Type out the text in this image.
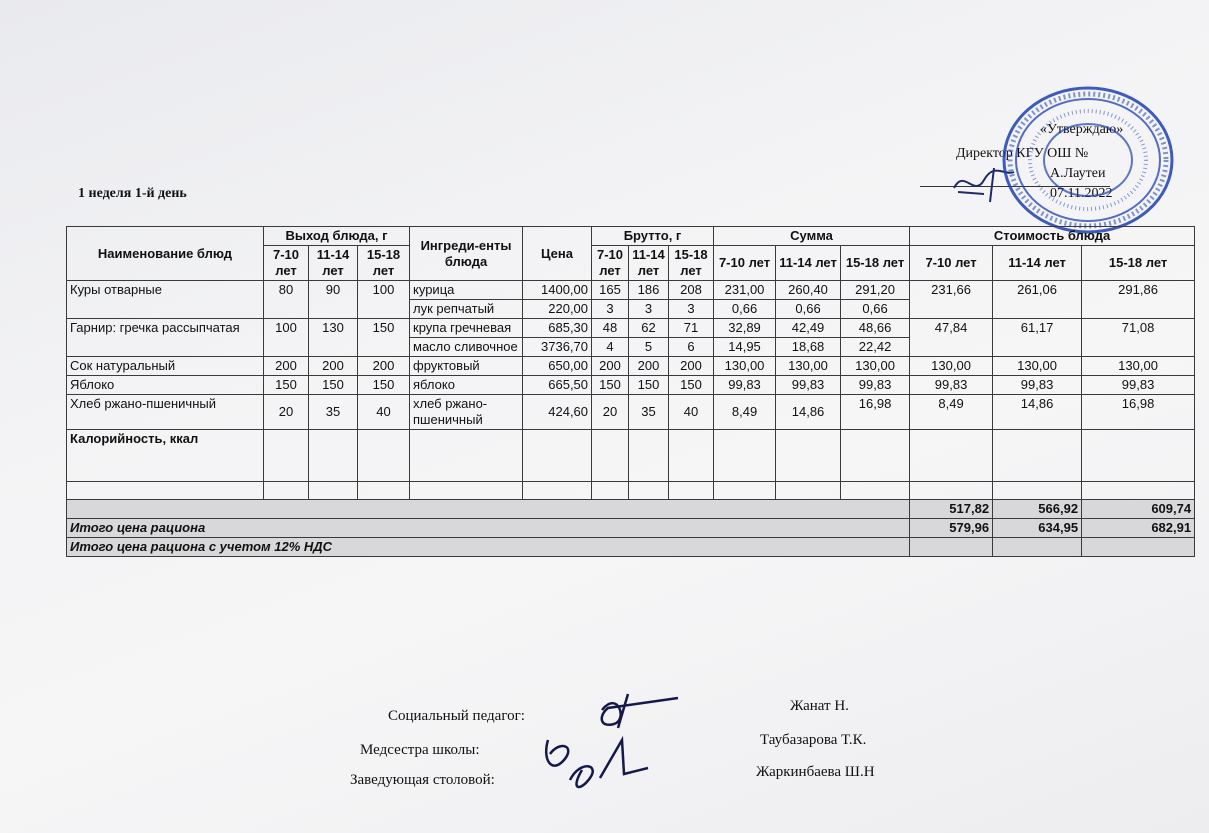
1 неделя 1-й день
«Утверждаю»
Директор КГУ ОШ №
А.Лаутеи
07.11.2022
Наименование блюд	Выход блюда, г			Ингреди-енты блюда	Цена	Брутто, г			Сумма			Стоимость блюда		
	7-10 лет	11-14 лет	15-18 лет			7-10 лет	11-14 лет	15-18 лет	7-10 лет	11-14 лет	15-18 лет	7-10 лет	11-14 лет	15-18 лет
Куры отварные	80	90	100	курица	1400,00	165	186	208	231,00	260,40	291,20	231,66	261,06	291,86
				лук репчатый	220,00	3	3	3	0,66	0,66	0,66			
Гарнир: гречка рассыпчатая	100	130	150	крупа гречневая	685,30	48	62	71	32,89	42,49	48,66	47,84	61,17	71,08
				масло сливочное	3736,70	4	5	6	14,95	18,68	22,42			
Сок натуральный	200	200	200	фруктовый	650,00	200	200	200	130,00	130,00	130,00	130,00	130,00	130,00
Яблоко	150	150	150	яблоко	665,50	150	150	150	99,83	99,83	99,83	99,83	99,83	99,83
Хлеб ржано-пшеничный	20	35	40	хлеб ржано-пшеничный	424,60	20	35	40	8,49	14,86	16,98	8,49	14,86	16,98
Калорийность, ккал														

												517,82	566,92	609,74
Итого цена рациона												579,96	634,95	682,91
Итого цена рациона с учетом 12% НДС														
Социальный педагог:
Жанат Н.
Медсестра школы:
Таубазарова Т.К.
Заведующая столовой:	Жаркинбаева Ш.Н
